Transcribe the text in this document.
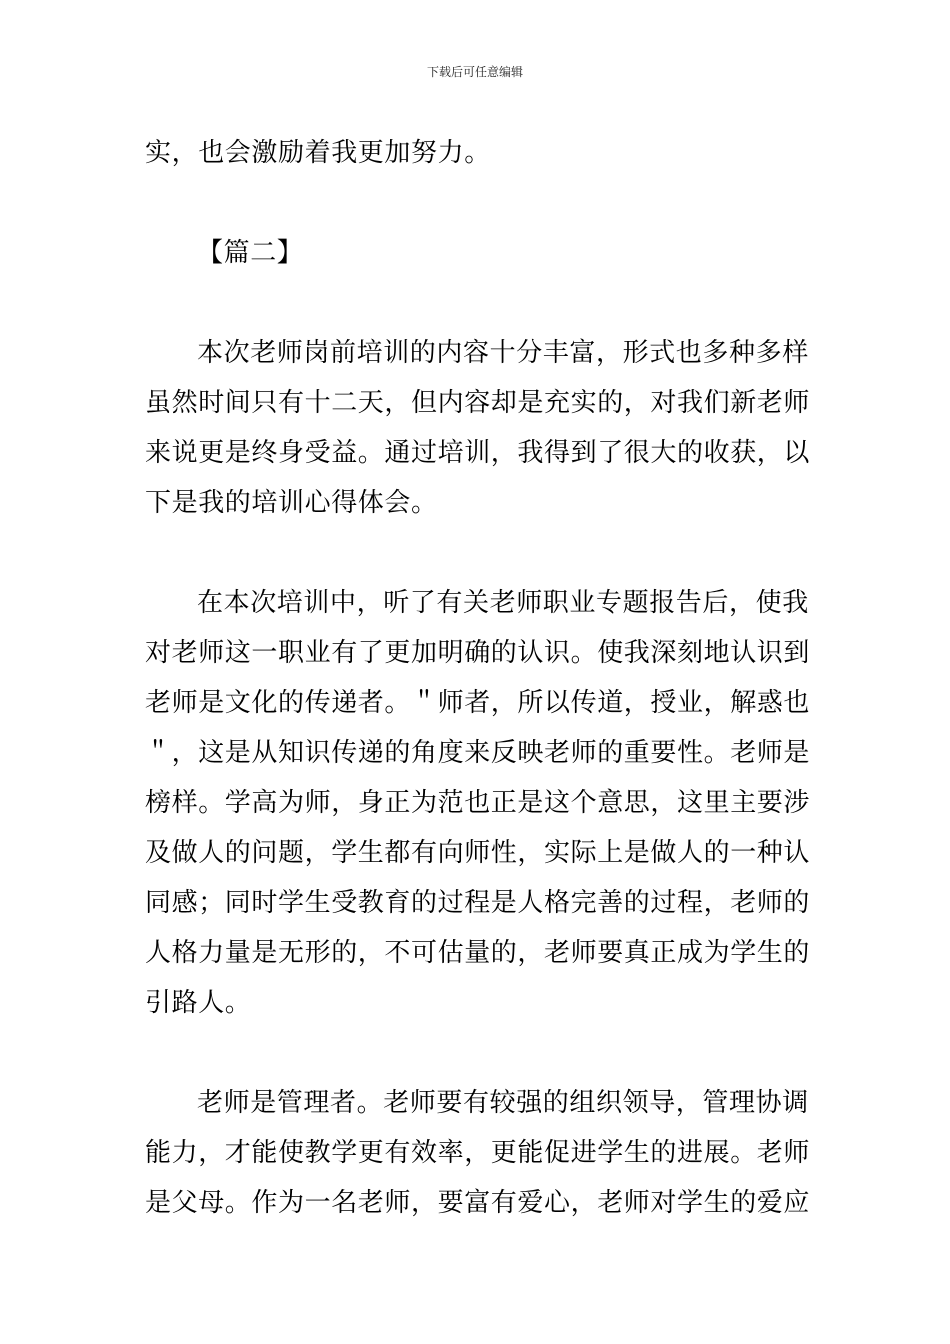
下载后可任意编辑
实，也会激励着我更加努力。
【篇二】
本次老师岗前培训的内容十分丰富，形式也多种多样
虽然时间只有十二天，但内容却是充实的，对我们新老师
来说更是终身受益。通过培训，我得到了很大的收获，以
下是我的培训心得体会。
在本次培训中，听了有关老师职业专题报告后，使我
对老师这一职业有了更加明确的认识。使我深刻地认识到
老师是文化的传递者。＂师者，所以传道，授业，解惑也
＂，这是从知识传递的角度来反映老师的重要性。老师是
榜样。学高为师，身正为范也正是这个意思，这里主要涉
及做人的问题，学生都有向师性，实际上是做人的一种认
同感；同时学生受教育的过程是人格完善的过程，老师的
人格力量是无形的，不可估量的，老师要真正成为学生的
引路人。
老师是管理者。老师要有较强的组织领导，管理协调
能力，才能使教学更有效率，更能促进学生的进展。老师
是父母。作为一名老师，要富有爱心，老师对学生的爱应
